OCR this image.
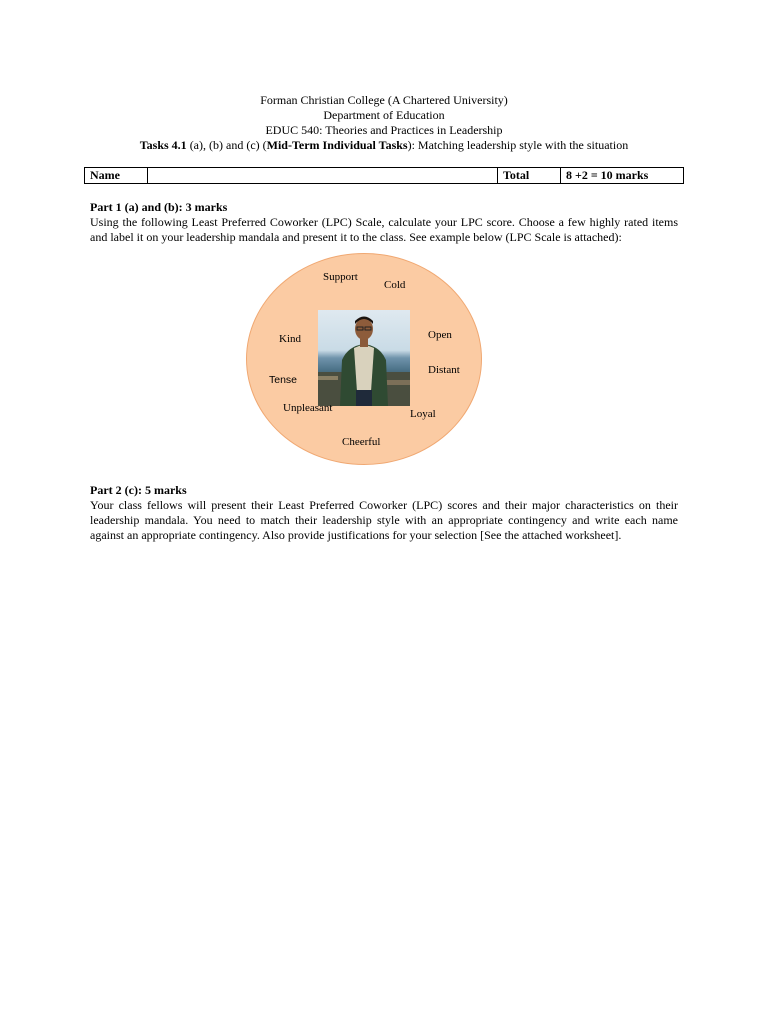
Forman Christian College (A Chartered University)
Department of Education
EDUC 540: Theories and Practices in Leadership
Tasks 4.1 (a), (b) and (c) (Mid-Term Individual Tasks): Matching leadership style with the situation
Name		Total	8 +2 = 10 marks
Part 1 (a) and (b): 3 marks
Using the following Least Preferred Coworker (LPC) Scale, calculate your LPC score. Choose a few highly rated items and label it on your leadership mandala and present it to the class. See example below (LPC Scale is attached):
Support
Cold
Kind	Open
Tense
Distant
Unpleasant	Loyal
Cheerful
Part 2 (c): 5 marks
Your class fellows will present their Least Preferred Coworker (LPC) scores and their major characteristics on their leadership mandala. You need to match their leadership style with an appropriate contingency and write each name against an appropriate contingency. Also provide justifications for your selection [See the attached worksheet].
